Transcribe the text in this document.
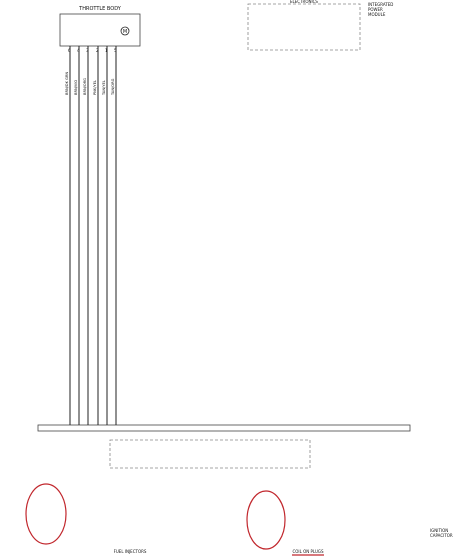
THROTTLE BODY
M
ELECTRONICS
INTEGRATED
POWER
MODULE
FUEL INJECTORS	COIL ON PLUGS
IGNITION
CAPACITOR
6
BRN/DK GRN
4
BRN/VIO
3
BRN/ORG
2
PNK/YEL
1
TAN/YEL
5
TAN/ORG
